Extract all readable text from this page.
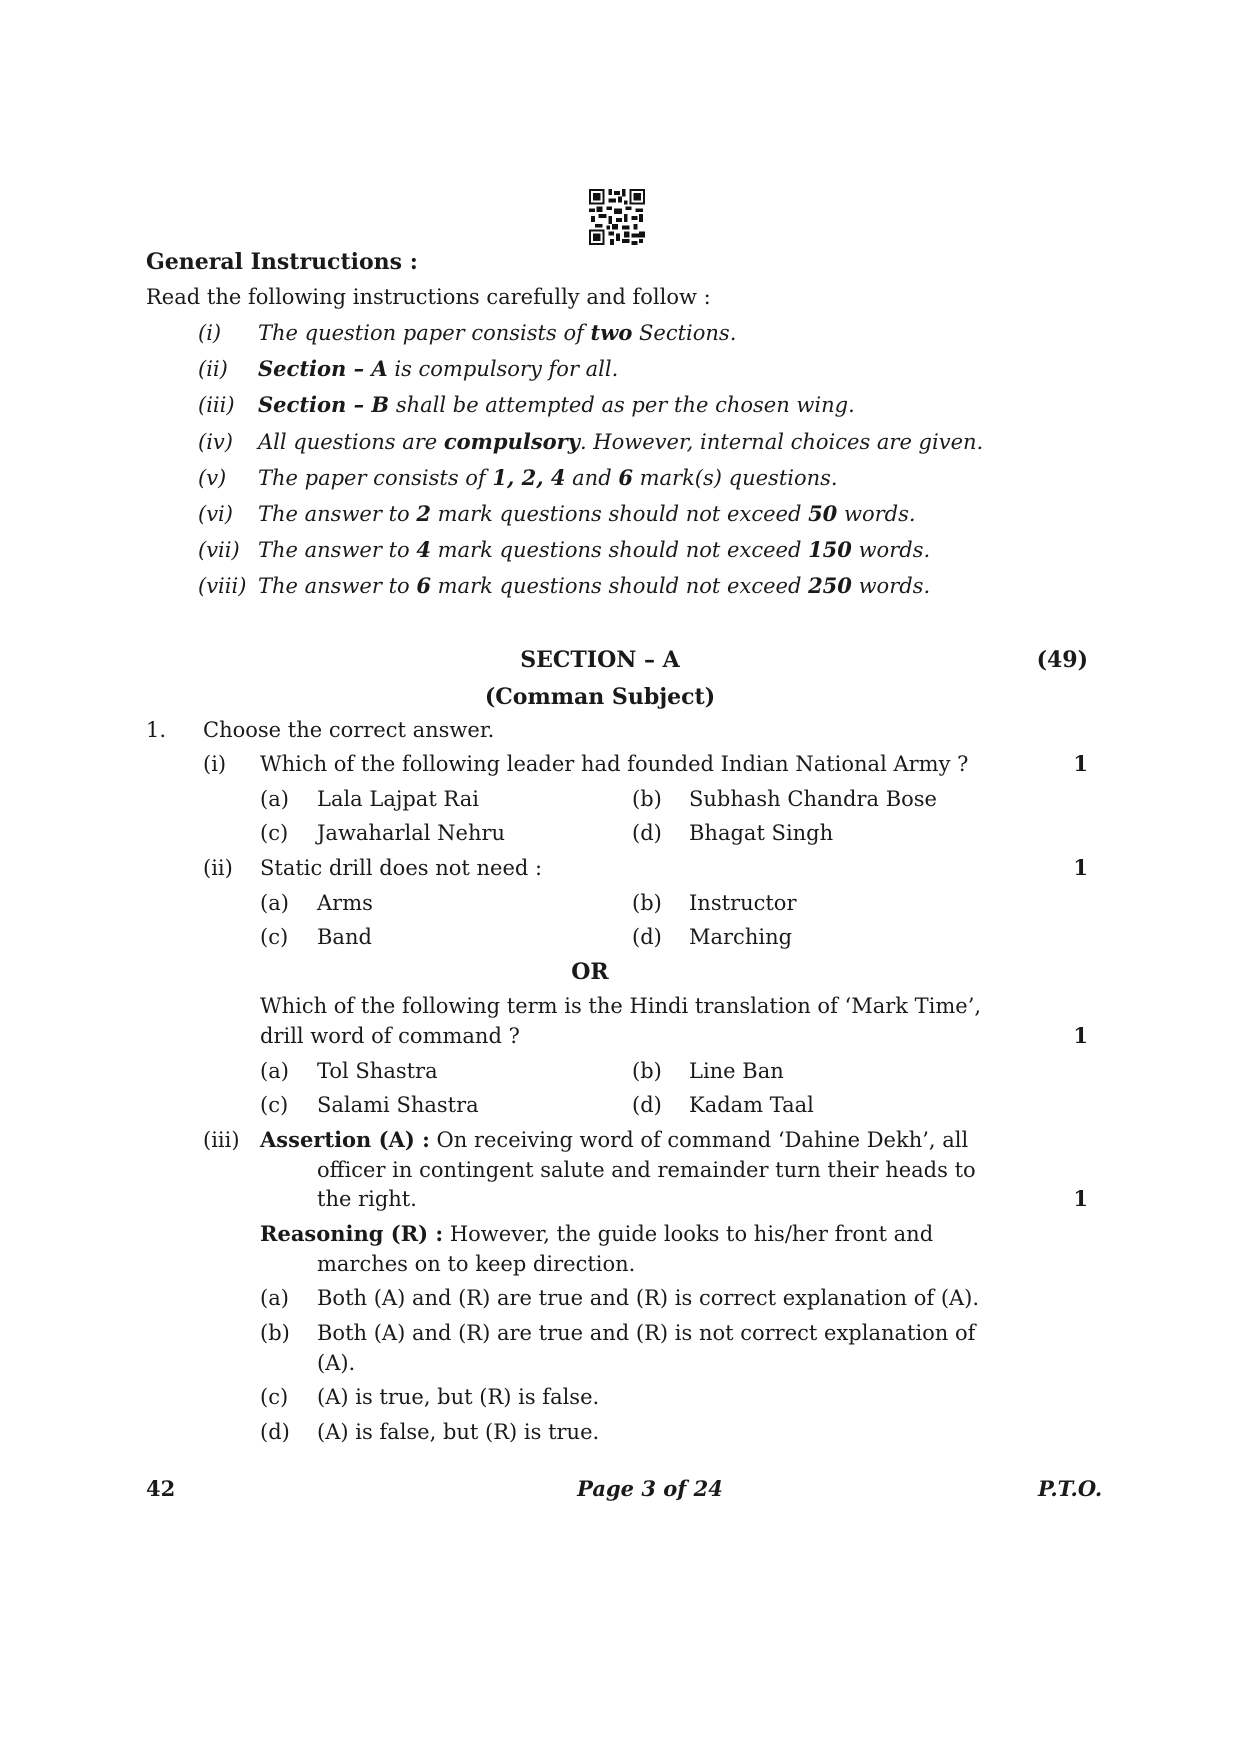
General Instructions :
Read the following instructions carefully and follow :
(i) The question paper consists of two Sections.
(ii) Section – A is compulsory for all.
(iii) Section – B shall be attempted as per the chosen wing.
(iv) All questions are compulsory. However, internal choices are given.
(v) The paper consists of 1, 2, 4 and 6 mark(s) questions.
(vi) The answer to 2 mark questions should not exceed 50 words.
(vii) The answer to 4 mark questions should not exceed 150 words.
(viii) The answer to 6 mark questions should not exceed 250 words.
SECTION – A	(49)
(Comman Subject)
1. Choose the correct answer.
(i) Which of the following leader had founded Indian National Army ?	1
(a) Lala Lajpat Rai	(b) Subhash Chandra Bose
(c) Jawaharlal Nehru	(d) Bhagat Singh
(ii) Static drill does not need :	1
(a) Arms	(b) Instructor
(c) Band	(d) Marching
OR
Which of the following term is the Hindi translation of ‘Mark Time’,
drill word of command ?	1
(a) Tol Shastra	(b) Line Ban
(c) Salami Shastra	(d) Kadam Taal
(iii) Assertion (A) : On receiving word of command ‘Dahine Dekh’, all
officer in contingent salute and remainder turn their heads to
the right.	1
Reasoning (R) : However, the guide looks to his/her front and
marches on to keep direction.
(a) Both (A) and (R) are true and (R) is correct explanation of (A).
(b) Both (A) and (R) are true and (R) is not correct explanation of
(A).
(c) (A) is true, but (R) is false.
(d) (A) is false, but (R) is true.
42	Page 3 of 24	P.T.O.
